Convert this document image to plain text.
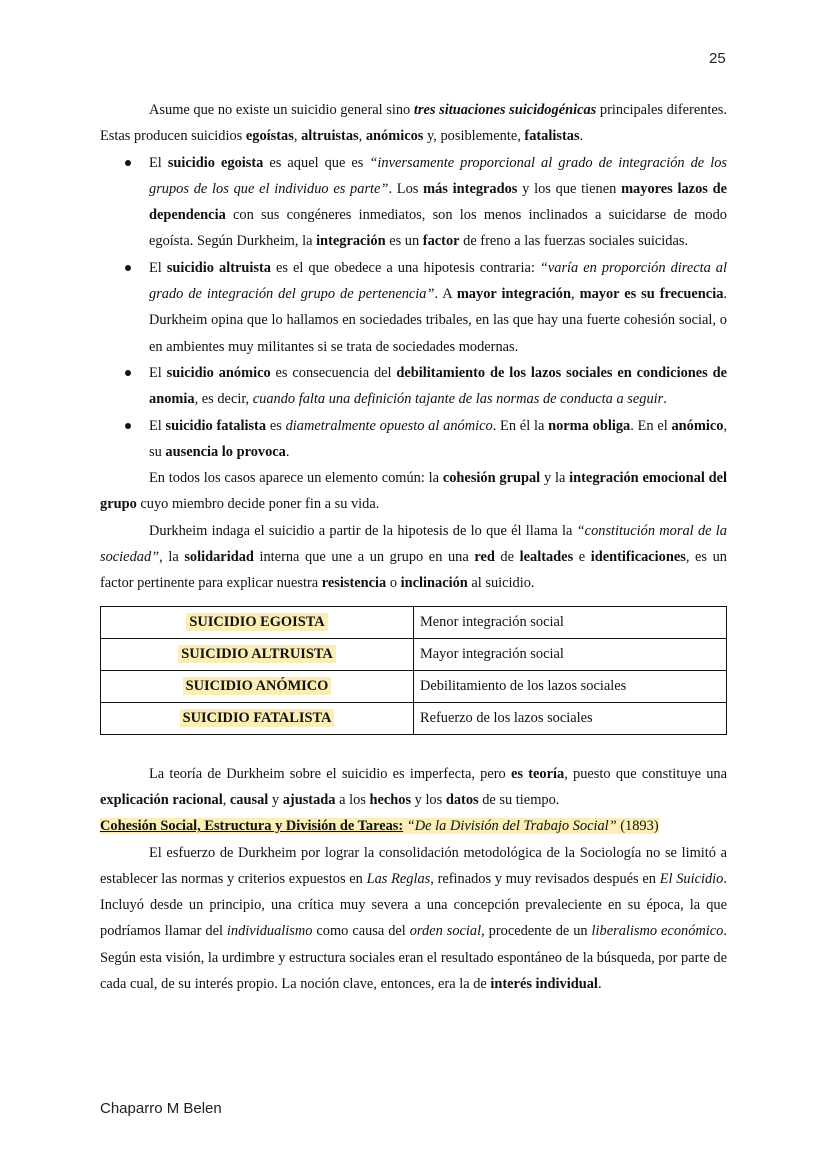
25

Asume que no existe un suicidio general sino tres situaciones suicidogénicas principales diferentes. Estas producen suicidios egoístas, altruistas, anómicos y, posiblemente, fatalistas.

El suicidio egoista es aquel que es “inversamente proporcional al grado de integración de los grupos de los que el individuo es parte”. Los más integrados y los que tienen mayores lazos de dependencia con sus congéneres inmediatos, son los menos inclinados a suicidarse de modo egoísta. Según Durkheim, la integración es un factor de freno a las fuerzas sociales suicidas.
El suicidio altruista es el que obedece a una hipotesis contraria: “varía en proporción directa al grado de integración del grupo de pertenencia”. A mayor integración, mayor es su frecuencia. Durkheim opina que lo hallamos en sociedades tribales, en las que hay una fuerte cohesión social, o en ambientes muy militantes si se trata de sociedades modernas.
El suicidio anómico es consecuencia del debilitamiento de los lazos sociales en condiciones de anomia, es decir, cuando falta una definición tajante de las normas de conducta a seguir.
El suicidio fatalista es diametralmente opuesto al anómico. En él la norma obliga. En el anómico, su ausencia lo provoca.

En todos los casos aparece un elemento común: la cohesión grupal y la integración emocional del grupo cuyo miembro decide poner fin a su vida.

Durkheim indaga el suicidio a partir de la hipotesis de lo que él llama la “constitución moral de la sociedad”, la solidaridad interna que une a un grupo en una red de lealtades e identificaciones, es un factor pertinente para explicar nuestra resistencia o inclinación al suicidio.

SUICIDIO EGOISTA	Menor integración social
SUICIDIO ALTRUISTA	Mayor integración social
SUICIDIO ANÓMICO	Debilitamiento de los lazos sociales
SUICIDIO FATALISTA	Refuerzo de los lazos sociales

La teoría de Durkheim sobre el suicidio es imperfecta, pero es teoría, puesto que constituye una explicación racional, causal y ajustada a los hechos y los datos de su tiempo.

Cohesión Social, Estructura y División de Tareas: “De la División del Trabajo Social” (1893)

El esfuerzo de Durkheim por lograr la consolidación metodológica de la Sociología no se limitó a establecer las normas y criterios expuestos en Las Reglas, refinados y muy revisados después en El Suicidio. Incluyó desde un principio, una crítica muy severa a una concepción prevaleciente en su época, la que podríamos llamar del individualismo como causa del orden social, procedente de un liberalismo económico. Según esta visión, la urdimbre y estructura sociales eran el resultado espontáneo de la búsqueda, por parte de cada cual, de su interés propio. La noción clave, entonces, era la de interés individual.

Chaparro M Belen
